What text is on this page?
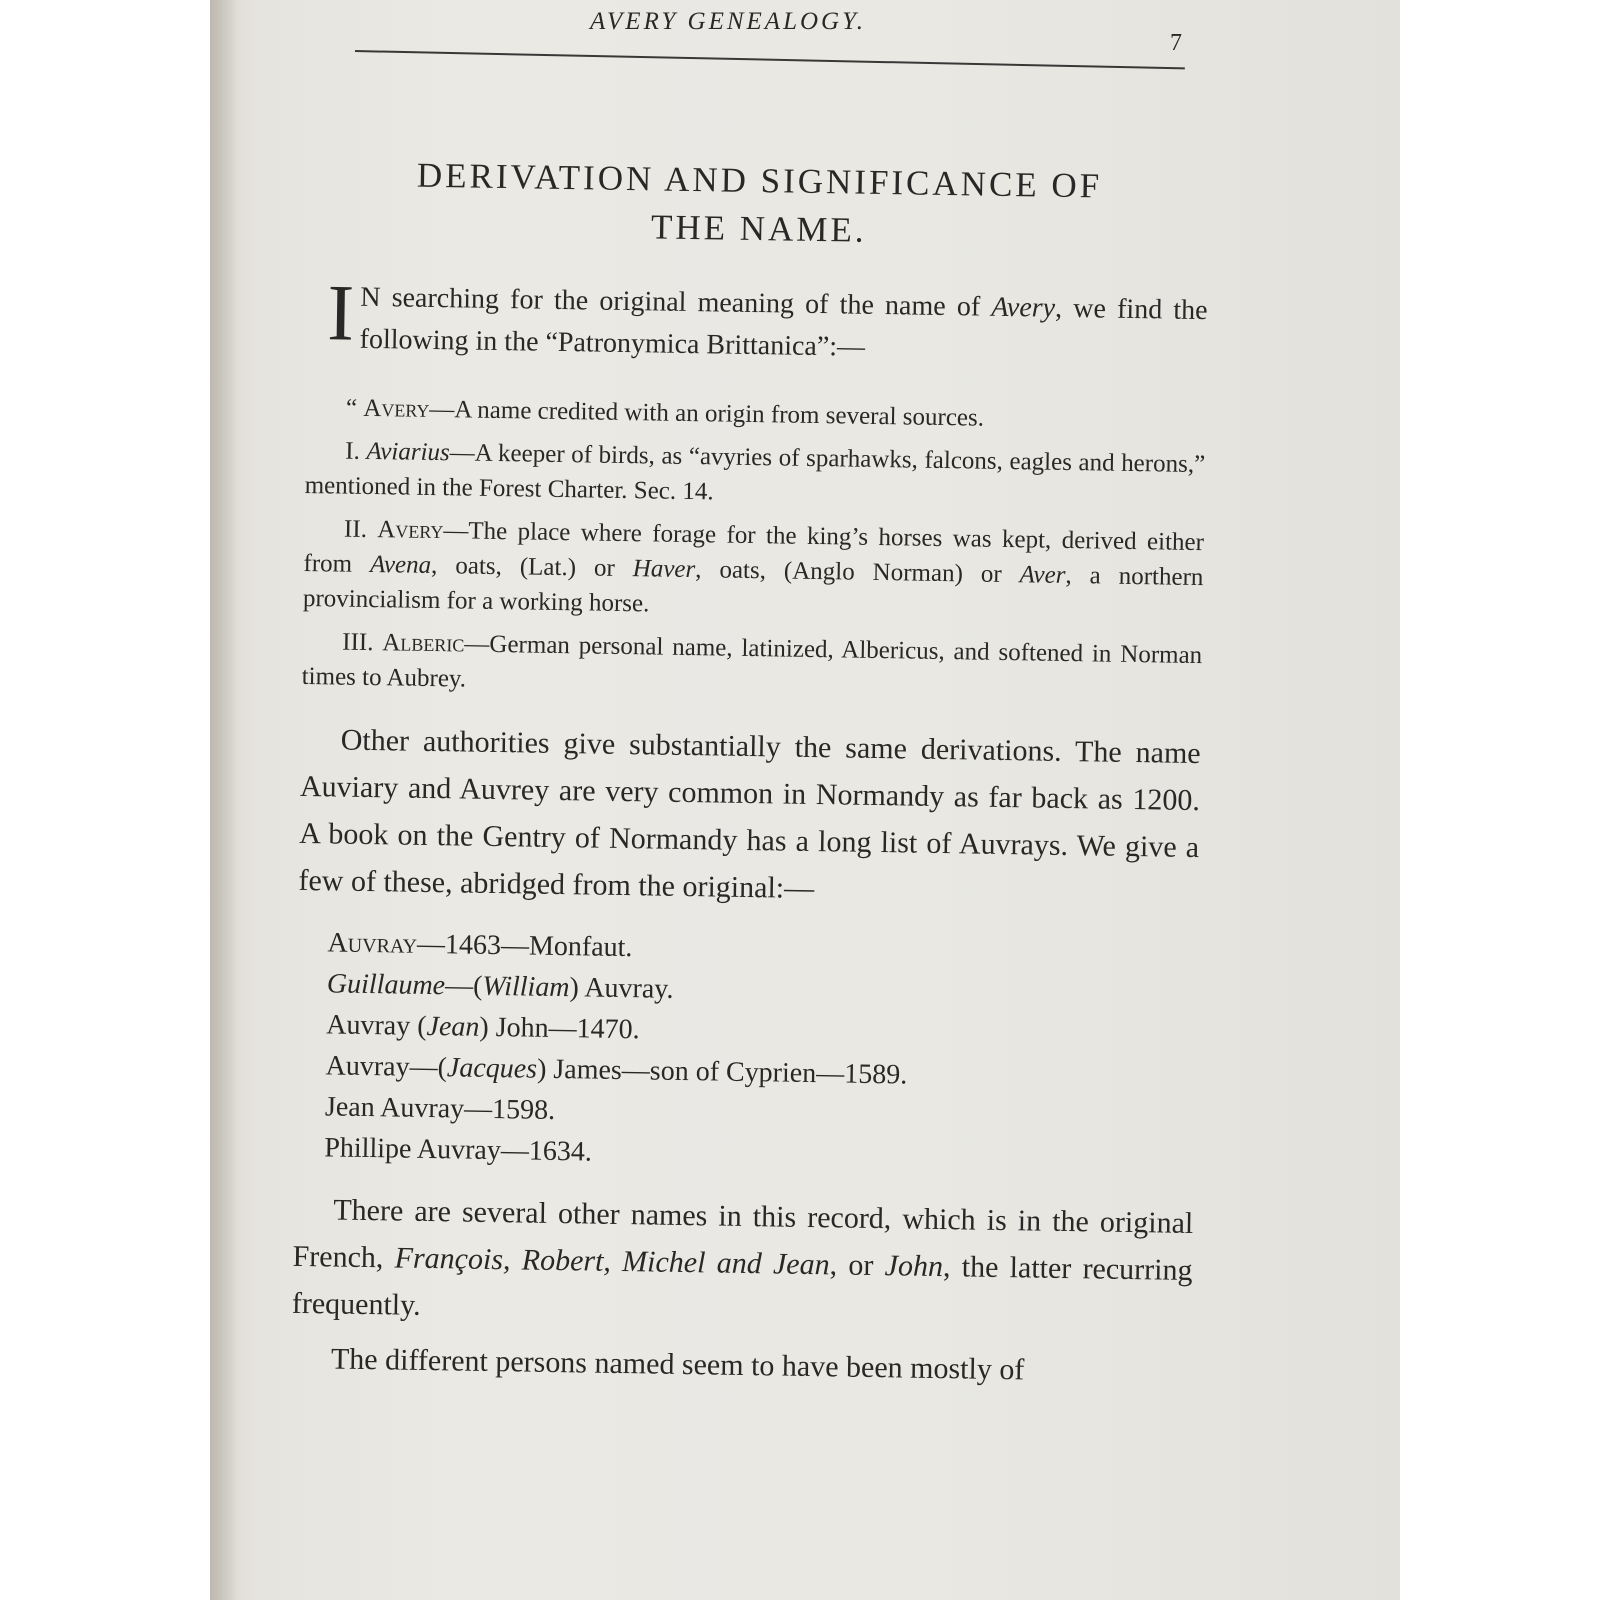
AVERY GENEALOGY.
7
DERIVATION AND SIGNIFICANCE OF
THE NAME.

I N searching for the original meaning of the name of Avery, we find the following in the “Patronymica Brittanica”:—

“ Avery—A name credited with an origin from several sources.

I. Aviarius—A keeper of birds, as “avyries of sparhawks, falcons, eagles and herons,” mentioned in the Forest Charter. Sec. 14.

II. Avery—The place where forage for the king’s horses was kept, derived either from Avena, oats, (Lat.) or Haver, oats, (Anglo Norman) or Aver, a northern provincialism for a working horse.

III. Alberic—German personal name, latinized, Albericus, and softened in Norman times to Aubrey.

Other authorities give substantially the same derivations. The name Auviary and Auvrey are very common in Normandy as far back as 1200. A book on the Gentry of Normandy has a long list of Auvrays. We give a few of these, abridged from the original:—

Auvray—1463—Monfaut.
Guillaume—(William) Auvray.
Auvray (Jean) John—1470.
Auvray—(Jacques) James—son of Cyprien—1589.
Jean Auvray—1598.
Phillipe Auvray—1634.

There are several other names in this record, which is in the original French, François, Robert, Michel and Jean, or John, the latter recurring frequently.

The different persons named seem to have been mostly of
